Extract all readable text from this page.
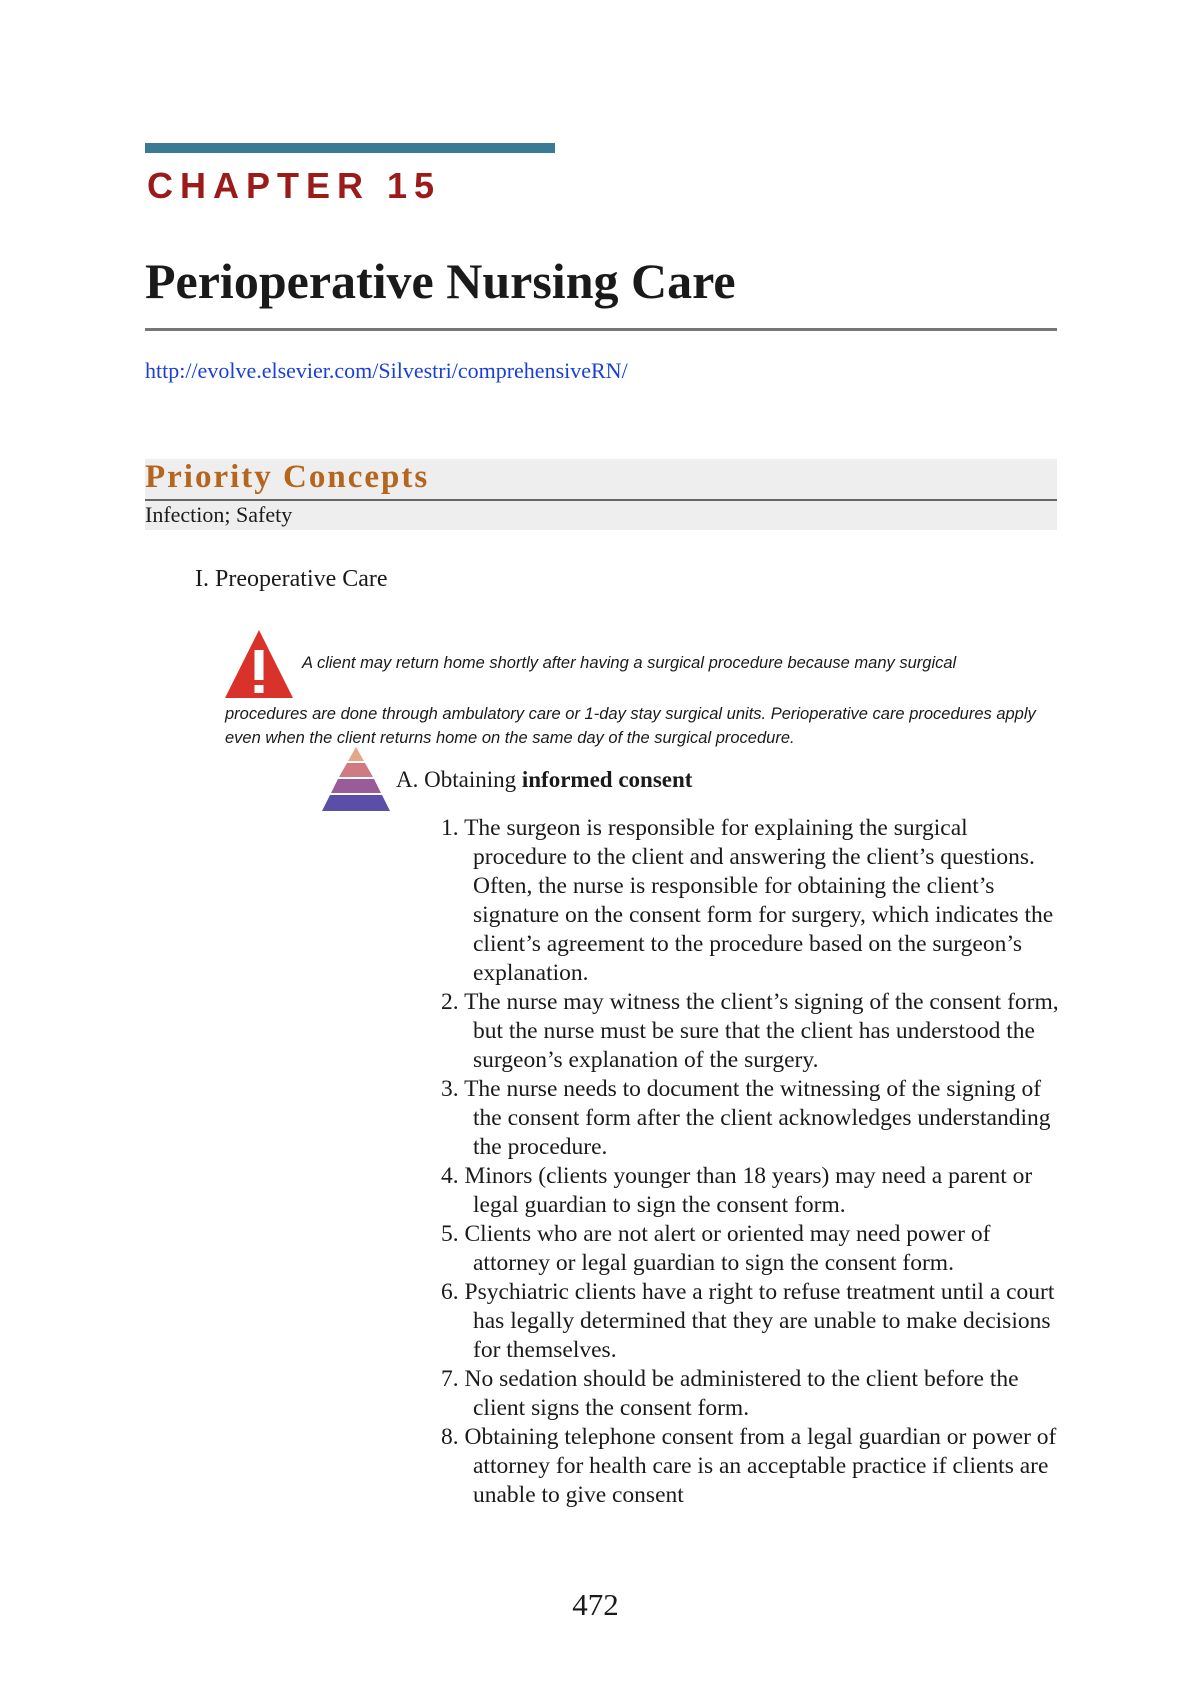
CHAPTER 15
Perioperative Nursing Care
http://evolve.elsevier.com/Silvestri/comprehensiveRN/
Priority Concepts
Infection; Safety
I. Preoperative Care
A client may return home shortly after having a surgical procedure because many surgical
procedures are done through ambulatory care or 1-day stay surgical units. Perioperative care procedures apply even when the client returns home on the same day of the surgical procedure.
A. Obtaining informed consent
1. The surgeon is responsible for explaining the surgical procedure to the client and answering the client’s questions. Often, the nurse is responsible for obtaining the client’s signature on the consent form for surgery, which indicates the client’s agreement to the procedure based on the surgeon’s explanation.
2. The nurse may witness the client’s signing of the consent form, but the nurse must be sure that the client has understood the surgeon’s explanation of the surgery.
3. The nurse needs to document the witnessing of the signing of the consent form after the client acknowledges understanding the procedure.
4. Minors (clients younger than 18 years) may need a parent or legal guardian to sign the consent form.
5. Clients who are not alert or oriented may need power of attorney or legal guardian to sign the consent form.
6. Psychiatric clients have a right to refuse treatment until a court has legally determined that they are unable to make decisions for themselves.
7. No sedation should be administered to the client before the client signs the consent form.
8. Obtaining telephone consent from a legal guardian or power of attorney for health care is an acceptable practice if clients are unable to give consent
472
